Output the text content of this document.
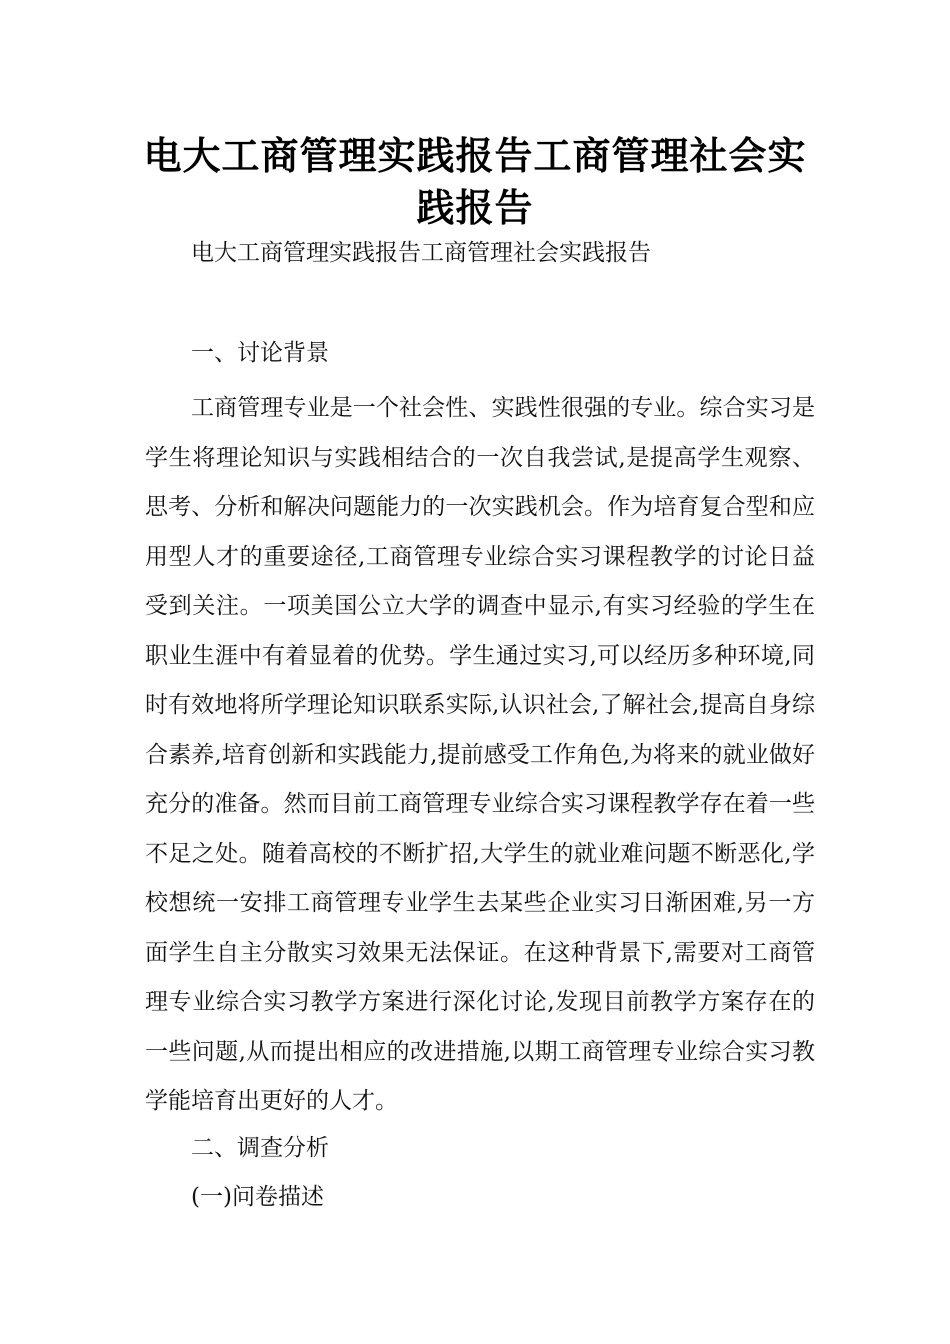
电大工商管理实践报告工商管理社会实践报告

电大工商管理实践报告工商管理社会实践报告

一、讨论背景

工商管理专业是一个社会性、实践性很强的专业。综合实习是学生将理论知识与实践相结合的一次自我尝试,是提高学生观察、思考、分析和解决问题能力的一次实践机会。作为培育复合型和应用型人才的重要途径,工商管理专业综合实习课程教学的讨论日益受到关注。一项美国公立大学的调查中显示,有实习经验的学生在职业生涯中有着显着的优势。学生通过实习,可以经历多种环境,同时有效地将所学理论知识联系实际,认识社会,了解社会,提高自身综合素养,培育创新和实践能力,提前感受工作角色,为将来的就业做好充分的准备。然而目前工商管理专业综合实习课程教学存在着一些不足之处。随着高校的不断扩招,大学生的就业难问题不断恶化,学校想统一安排工商管理专业学生去某些企业实习日渐困难,另一方面学生自主分散实习效果无法保证。在这种背景下,需要对工商管理专业综合实习教学方案进行深化讨论,发现目前教学方案存在的一些问题,从而提出相应的改进措施,以期工商管理专业综合实习教学能培育出更好的人才。

二、调查分析

(一)问卷描述
